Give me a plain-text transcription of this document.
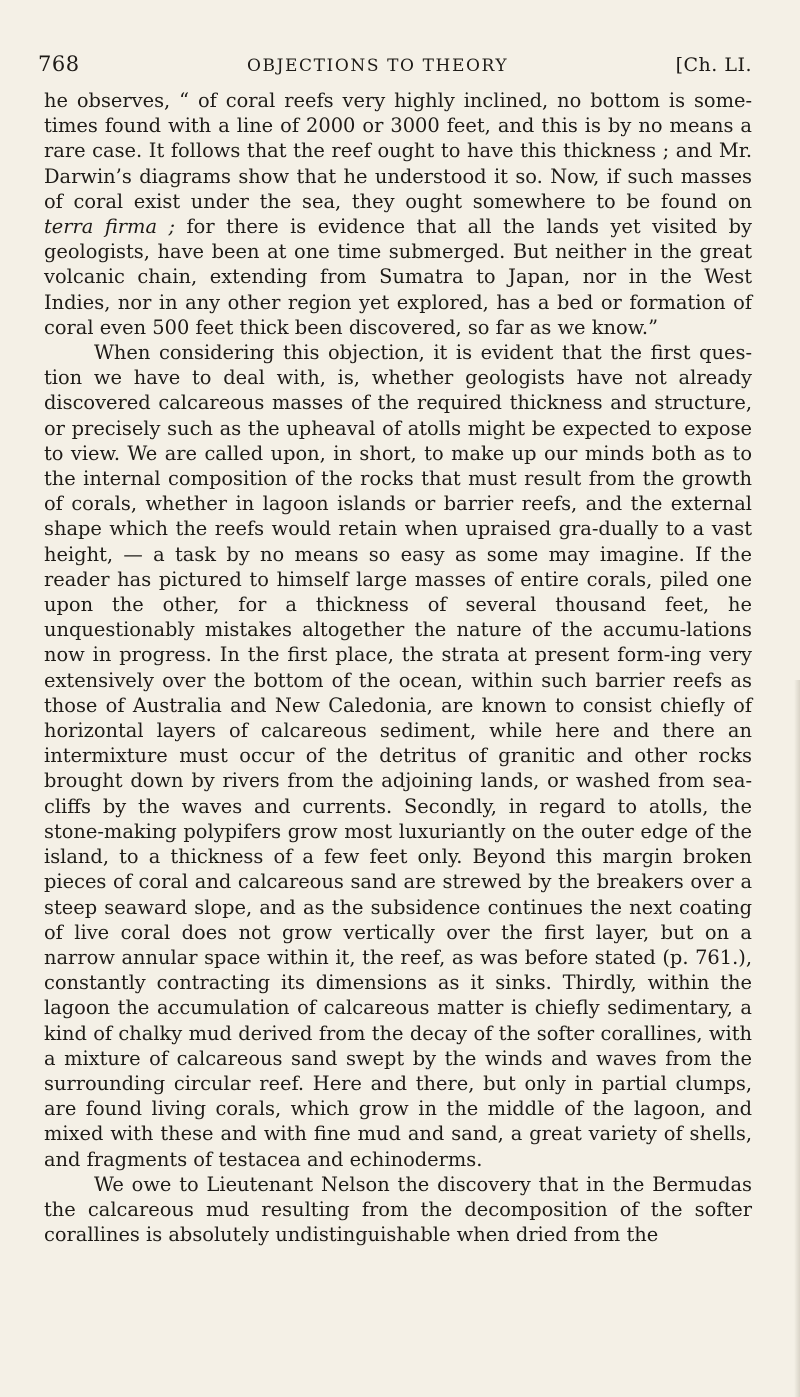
768	OBJECTIONS TO THEORY	[Ch. LI.

he observes, “ of coral reefs very highly inclined, no bottom is some-times found with a line of 2000 or 3000 feet, and this is by no means a rare case. It follows that the reef ought to have this thickness ; and Mr. Darwin’s diagrams show that he understood it so. Now, if such masses of coral exist under the sea, they ought somewhere to be found on terra firma ; for there is evidence that all the lands yet visited by geologists, have been at one time submerged. But neither in the great volcanic chain, extending from Sumatra to Japan, nor in the West Indies, nor in any other region yet explored, has a bed or formation of coral even 500 feet thick been discovered, so far as we know.”

When considering this objection, it is evident that the first ques-tion we have to deal with, is, whether geologists have not already discovered calcareous masses of the required thickness and structure, or precisely such as the upheaval of atolls might be expected to expose to view. We are called upon, in short, to make up our minds both as to the internal composition of the rocks that must result from the growth of corals, whether in lagoon islands or barrier reefs, and the external shape which the reefs would retain when upraised gra-dually to a vast height, — a task by no means so easy as some may imagine. If the reader has pictured to himself large masses of entire corals, piled one upon the other, for a thickness of several thousand feet, he unquestionably mistakes altogether the nature of the accumu-lations now in progress. In the first place, the strata at present form-ing very extensively over the bottom of the ocean, within such barrier reefs as those of Australia and New Caledonia, are known to consist chiefly of horizontal layers of calcareous sediment, while here and there an intermixture must occur of the detritus of granitic and other rocks brought down by rivers from the adjoining lands, or washed from sea-cliffs by the waves and currents. Secondly, in regard to atolls, the stone-making polypifers grow most luxuriantly on the outer edge of the island, to a thickness of a few feet only. Beyond this margin broken pieces of coral and calcareous sand are strewed by the breakers over a steep seaward slope, and as the subsidence continues the next coating of live coral does not grow vertically over the first layer, but on a narrow annular space within it, the reef, as was before stated (p. 761.), constantly contracting its dimensions as it sinks. Thirdly, within the lagoon the accumulation of calcareous matter is chiefly sedimentary, a kind of chalky mud derived from the decay of the softer corallines, with a mixture of calcareous sand swept by the winds and waves from the surrounding circular reef. Here and there, but only in partial clumps, are found living corals, which grow in the middle of the lagoon, and mixed with these and with fine mud and sand, a great variety of shells, and fragments of testacea and echinoderms.

We owe to Lieutenant Nelson the discovery that in the Bermudas the calcareous mud resulting from the decomposition of the softer corallines is absolutely undistinguishable when dried from the
